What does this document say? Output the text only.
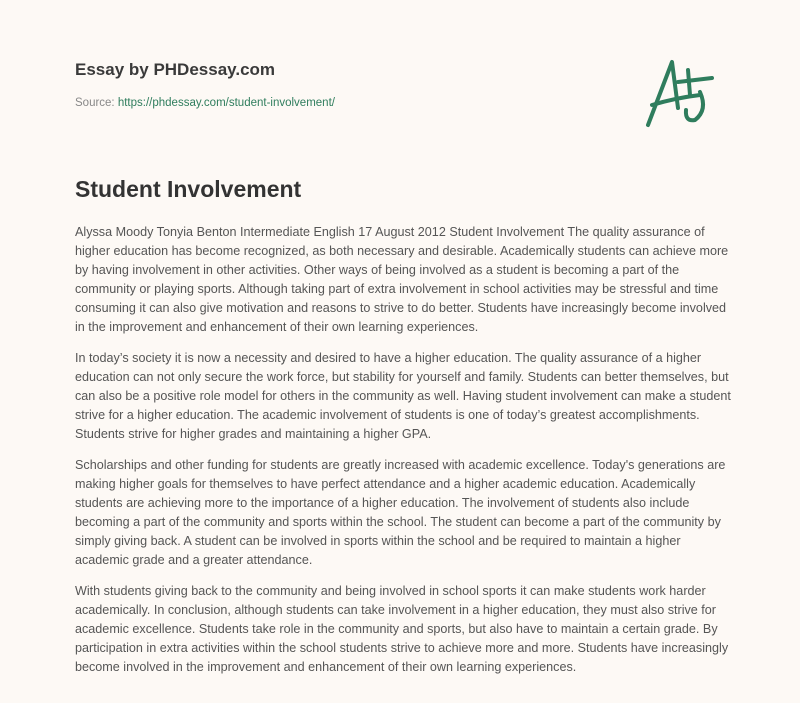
Essay by PHDessay.com
Source: https://phdessay.com/student-involvement/
Student Involvement

Alyssa Moody Tonyia Benton Intermediate English 17 August 2012 Student Involvement The quality assurance of higher education has become recognized, as both necessary and desirable. Academically students can achieve more by having involvement in other activities. Other ways of being involved as a student is becoming a part of the community or playing sports. Although taking part of extra involvement in school activities may be stressful and time consuming it can also give motivation and reasons to strive to do better. Students have increasingly become involved in the improvement and enhancement of their own learning experiences.

In today’s society it is now a necessity and desired to have a higher education. The quality assurance of a higher education can not only secure the work force, but stability for yourself and family. Students can better themselves, but can also be a positive role model for others in the community as well. Having student involvement can make a student strive for a higher education. The academic involvement of students is one of today’s greatest accomplishments. Students strive for higher grades and maintaining a higher GPA.

Scholarships and other funding for students are greatly increased with academic excellence. Today's generations are making higher goals for themselves to have perfect attendance and a higher academic education. Academically students are achieving more to the importance of a higher education. The involvement of students also include becoming a part of the community and sports within the school. The student can become a part of the community by simply giving back. A student can be involved in sports within the school and be required to maintain a higher academic grade and a greater attendance.

With students giving back to the community and being involved in school sports it can make students work harder academically. In conclusion, although students can take involvement in a higher education, they must also strive for academic excellence. Students take role in the community and sports, but also have to maintain a certain grade. By participation in extra activities within the school students strive to achieve more and more. Students have increasingly become involved in the improvement and enhancement of their own learning experiences.
